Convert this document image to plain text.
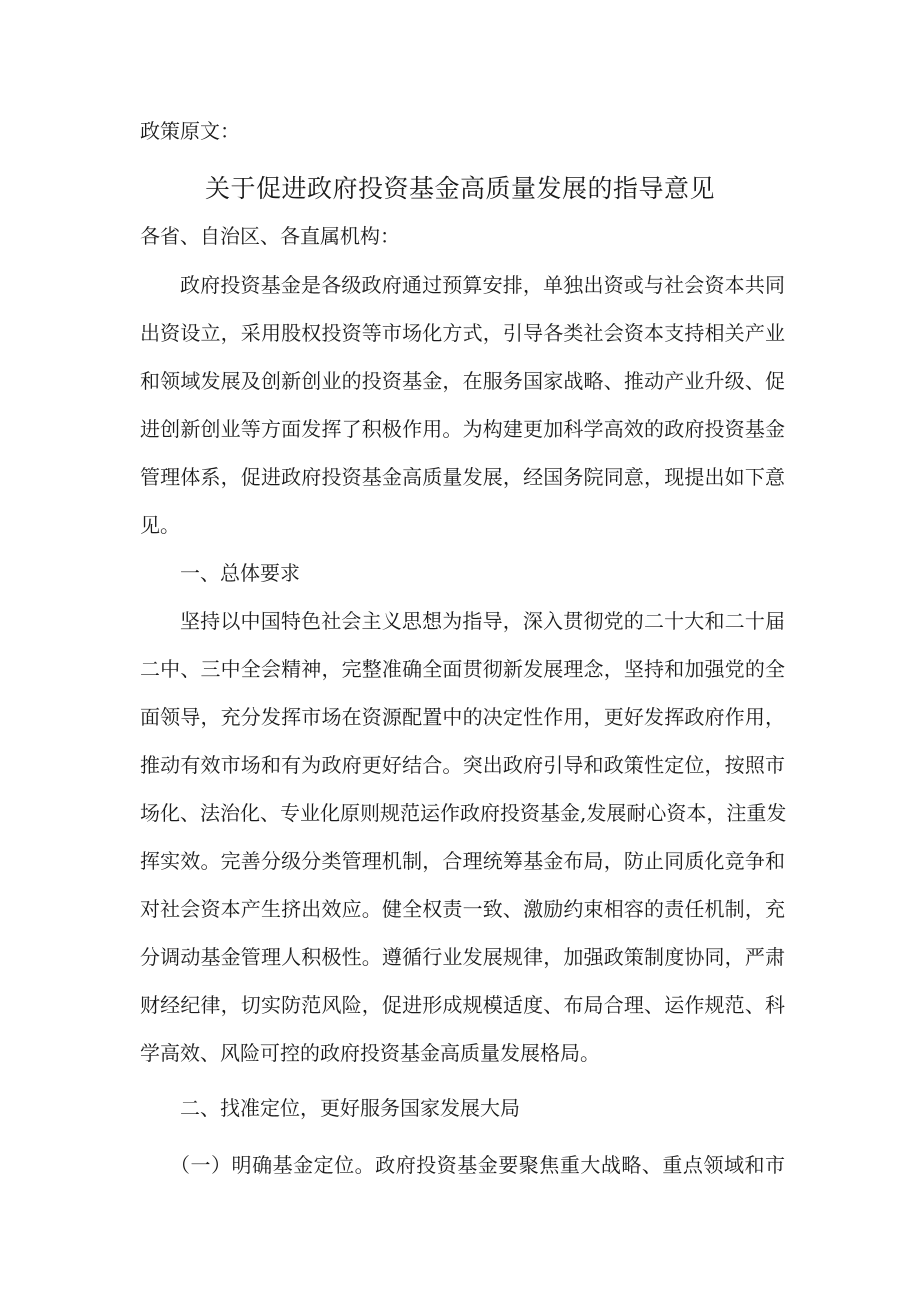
政策原文：
关于促进政府投资基金高质量发展的指导意见
各省、自治区、各直属机构：
政府投资基金是各级政府通过预算安排，单独出资或与社会资本共同
出资设立，采用股权投资等市场化方式，引导各类社会资本支持相关产业
和领域发展及创新创业的投资基金，在服务国家战略、推动产业升级、促
进创新创业等方面发挥了积极作用。为构建更加科学高效的政府投资基金
管理体系，促进政府投资基金高质量发展，经国务院同意，现提出如下意
见。
一、总体要求
坚持以中国特色社会主义思想为指导，深入贯彻党的二十大和二十届
二中、三中全会精神，完整准确全面贯彻新发展理念，坚持和加强党的全
面领导，充分发挥市场在资源配置中的决定性作用，更好发挥政府作用，
推动有效市场和有为政府更好结合。突出政府引导和政策性定位，按照市
场化、法治化、专业化原则规范运作政府投资基金,发展耐心资本，注重发
挥实效。完善分级分类管理机制，合理统筹基金布局，防止同质化竞争和
对社会资本产生挤出效应。健全权责一致、激励约束相容的责任机制，充
分调动基金管理人积极性。遵循行业发展规律，加强政策制度协同，严肃
财经纪律，切实防范风险，促进形成规模适度、布局合理、运作规范、科
学高效、风险可控的政府投资基金高质量发展格局。
二、找准定位，更好服务国家发展大局
（一）明确基金定位。政府投资基金要聚焦重大战略、重点领域和市
